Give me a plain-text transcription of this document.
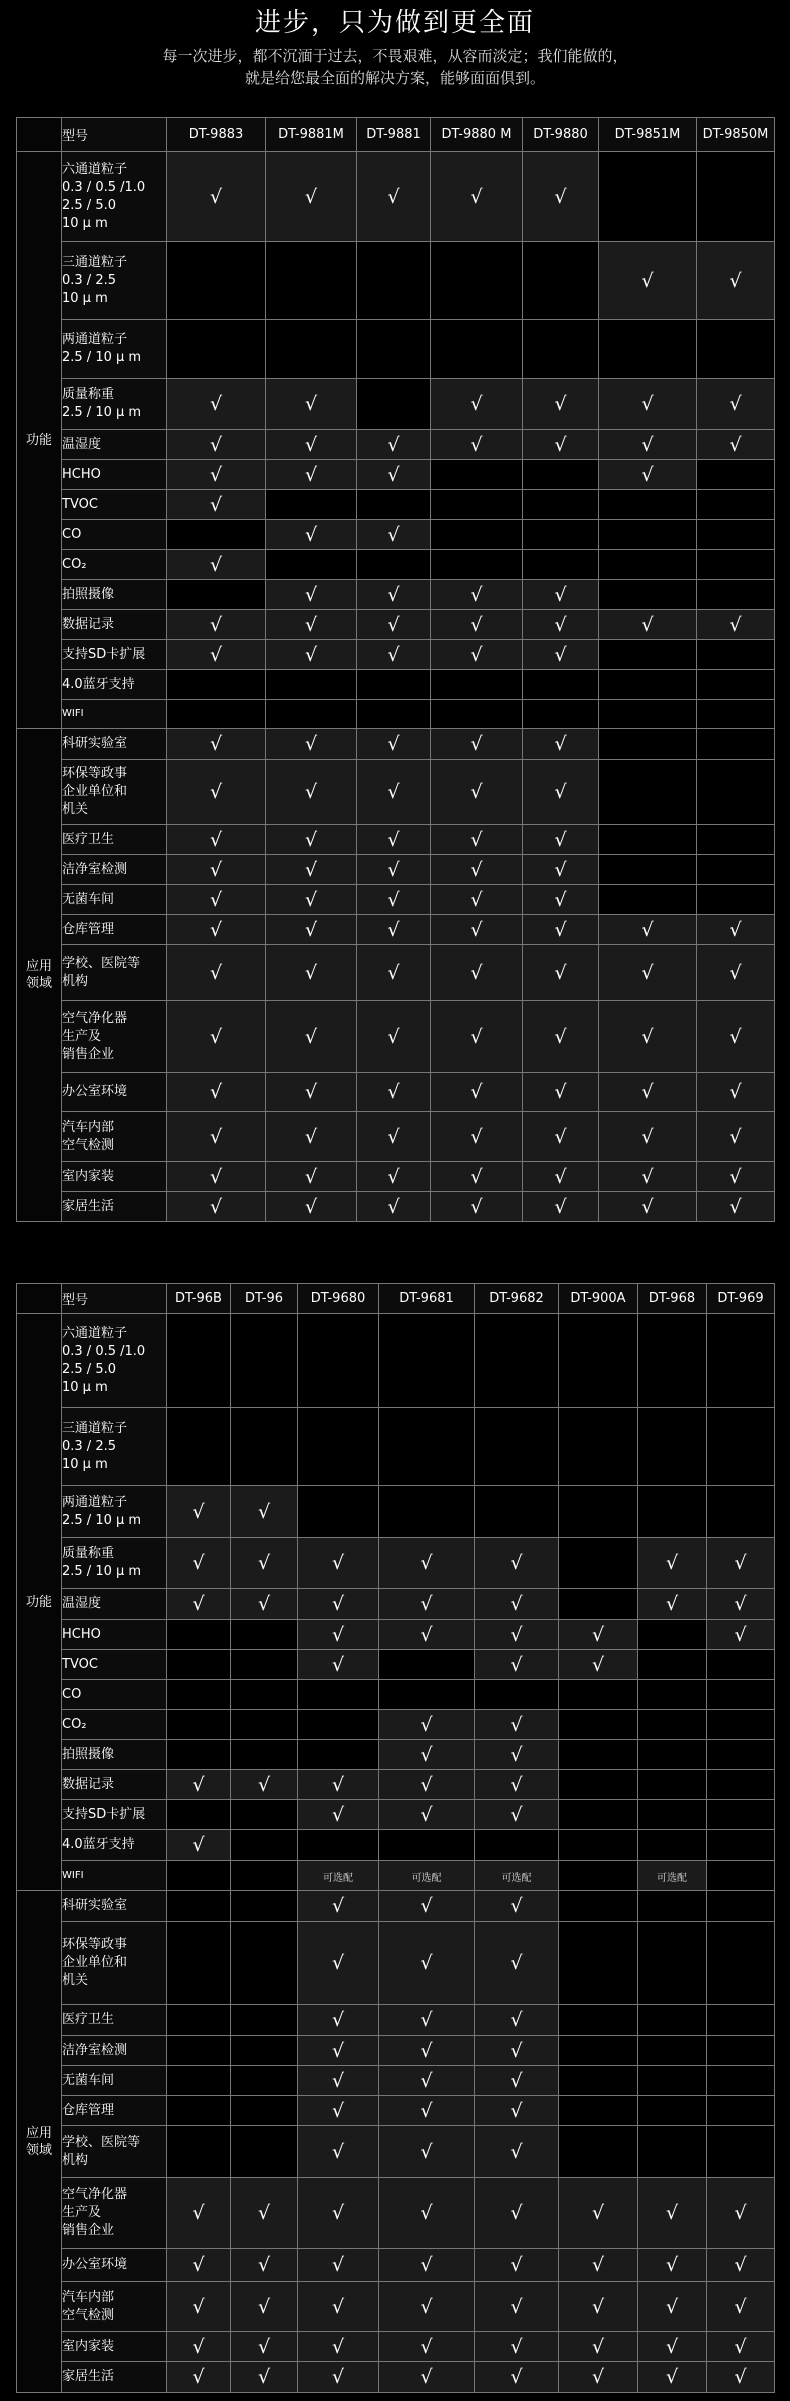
进步，只为做到更全面
每一次进步，都不沉湎于过去，不畏艰难，从容而淡定；我们能做的，
就是给您最全面的解决方案，能够面面俱到。
	型号	DT-9883	DT-9881M	DT-9881	DT-9880 M	DT-9880	DT-9851M	DT-9850M
功能	六通道粒子
0.3 / 0.5 /1.0
2.5 / 5.0
10 μ m	√	√	√	√	√		
	三通道粒子
0.3 / 2.5
10 μ m						√	√
	两通道粒子
2.5 / 10 μ m							
	质量称重
2.5 / 10 μ m	√	√		√	√	√	√
	温湿度	√	√	√	√	√	√	√
	HCHO	√	√	√			√	
	TVOC	√						
	CO		√	√				
	CO₂	√						
	拍照摄像		√	√	√	√		
	数据记录	√	√	√	√	√	√	√
	支持SD卡扩展	√	√	√	√	√		
	4.0蓝牙支持							
	WIFI							
应用
领域	科研实验室	√	√	√	√	√		
	环保等政事
企业单位和
机关	√	√	√	√	√		
	医疗卫生	√	√	√	√	√		
	洁净室检测	√	√	√	√	√		
	无菌车间	√	√	√	√	√		
	仓库管理	√	√	√	√	√	√	√
	学校、医院等
机构	√	√	√	√	√	√	√
	空气净化器
生产及
销售企业	√	√	√	√	√	√	√
	办公室环境	√	√	√	√	√	√	√
	汽车内部
空气检测	√	√	√	√	√	√	√
	室内家装	√	√	√	√	√	√	√
	家居生活	√	√	√	√	√	√	√
	型号	DT-96B	DT-96	DT-9680	DT-9681	DT-9682	DT-900A	DT-968	DT-969
功能	六通道粒子
0.3 / 0.5 /1.0
2.5 / 5.0
10 μ m								
	三通道粒子
0.3 / 2.5
10 μ m								
	两通道粒子
2.5 / 10 μ m	√	√						
	质量称重
2.5 / 10 μ m	√	√	√	√	√		√	√
	温湿度	√	√	√	√	√		√	√
	HCHO			√	√	√	√		√
	TVOC			√		√	√		
	CO								
	CO₂				√	√			
	拍照摄像				√	√			
	数据记录	√	√	√	√	√			
	支持SD卡扩展			√	√	√			
	4.0蓝牙支持	√							
	WIFI			可选配	可选配	可选配		可选配	
应用
领域	科研实验室			√	√	√			
	环保等政事
企业单位和
机关			√	√	√			
	医疗卫生			√	√	√			
	洁净室检测			√	√	√			
	无菌车间			√	√	√			
	仓库管理			√	√	√			
	学校、医院等
机构			√	√	√			
	空气净化器
生产及
销售企业	√	√	√	√	√	√	√	√
	办公室环境	√	√	√	√	√	√	√	√
	汽车内部
空气检测	√	√	√	√	√	√	√	√
	室内家装	√	√	√	√	√	√	√	√
	家居生活	√	√	√	√	√	√	√	√
